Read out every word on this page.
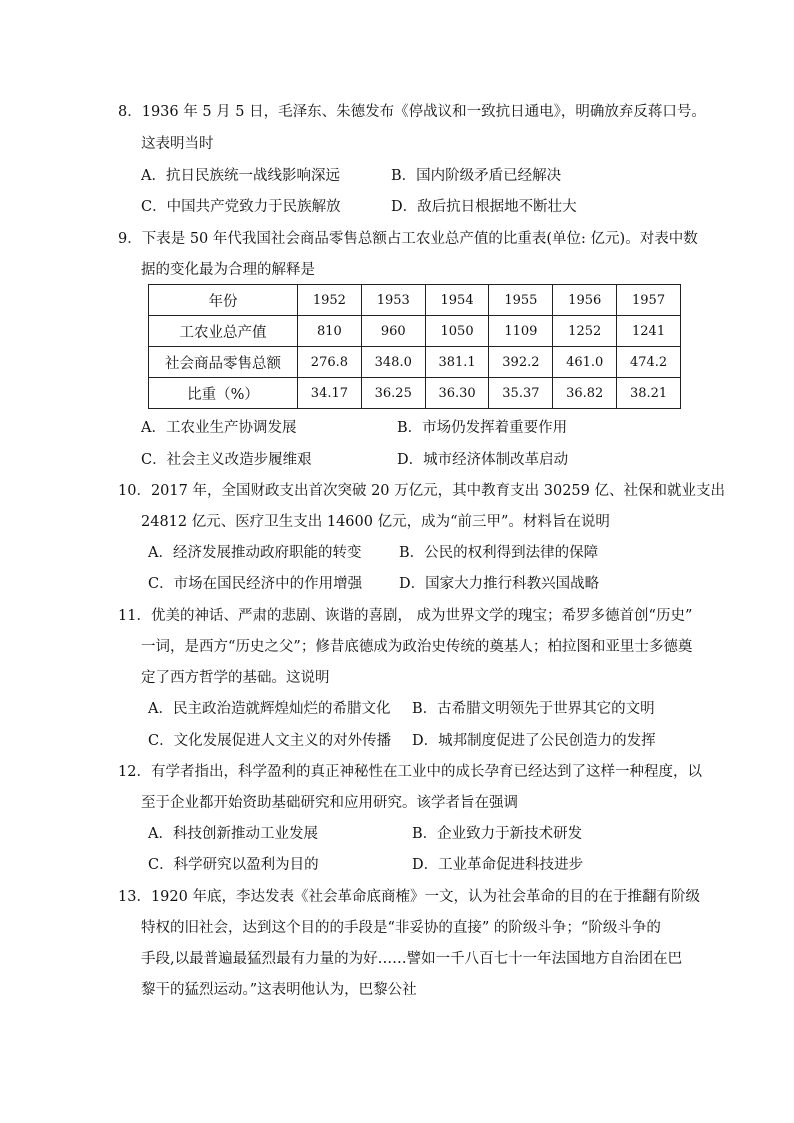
8．1936 年 5 月 5 日，毛泽东、朱德发布《停战议和一致抗日通电》，明确放弃反蒋口号。
这表明当时
A．抗日民族统一战线影响深远	B．国内阶级矛盾已经解决
C．中国共产党致力于民族解放	D．敌后抗日根据地不断壮大
9．下表是 50 年代我国社会商品零售总额占工农业总产值的比重表(单位: 亿元)。对表中数
据的变化最为合理的解释是
年份	1952	1953	1954	1955	1956	1957
工农业总产值	810	960	1050	1109	1252	1241
社会商品零售总额	276.8	348.0	381.1	392.2	461.0	474.2
比重（%）	34.17	36.25	36.30	35.37	36.82	38.21
A．工农业生产协调发展	B．市场仍发挥着重要作用
C．社会主义改造步履维艰	D．城市经济体制改革启动
10．2017 年，全国财政支出首次突破 20 万亿元，其中教育支出 30259 亿、社保和就业支出
24812 亿元、医疗卫生支出 14600 亿元，成为“前三甲”。材料旨在说明
A．经济发展推动政府职能的转变	B．公民的权利得到法律的保障
C．市场在国民经济中的作用增强	D．国家大力推行科教兴国战略
11．优美的神话、严肃的悲剧、诙谐的喜剧， 成为世界文学的瑰宝；希罗多德首创“历史”
一词，是西方“历史之父”；修昔底德成为政治史传统的奠基人；柏拉图和亚里士多德奠
定了西方哲学的基础。这说明
A．民主政治造就辉煌灿烂的希腊文化 B．古希腊文明领先于世界其它的文明
C．文化发展促进人文主义的对外传播 D．城邦制度促进了公民创造力的发挥
12．有学者指出，科学盈利的真正神秘性在工业中的成长孕育已经达到了这样一种程度，以
至于企业都开始资助基础研究和应用研究。该学者旨在强调
A．科技创新推动工业发展	B．企业致力于新技术研发
C．科学研究以盈利为目的	D．工业革命促进科技进步
13．1920 年底，李达发表《社会革命底商榷》一文，认为社会革命的目的在于推翻有阶级
特权的旧社会，达到这个目的的手段是“非妥协的直接” 的阶级斗争；“阶级斗争的
手段,以最普遍最猛烈最有力量的为好……譬如一千八百七十一年法国地方自治团在巴
黎干的猛烈运动。”这表明他认为，巴黎公社
